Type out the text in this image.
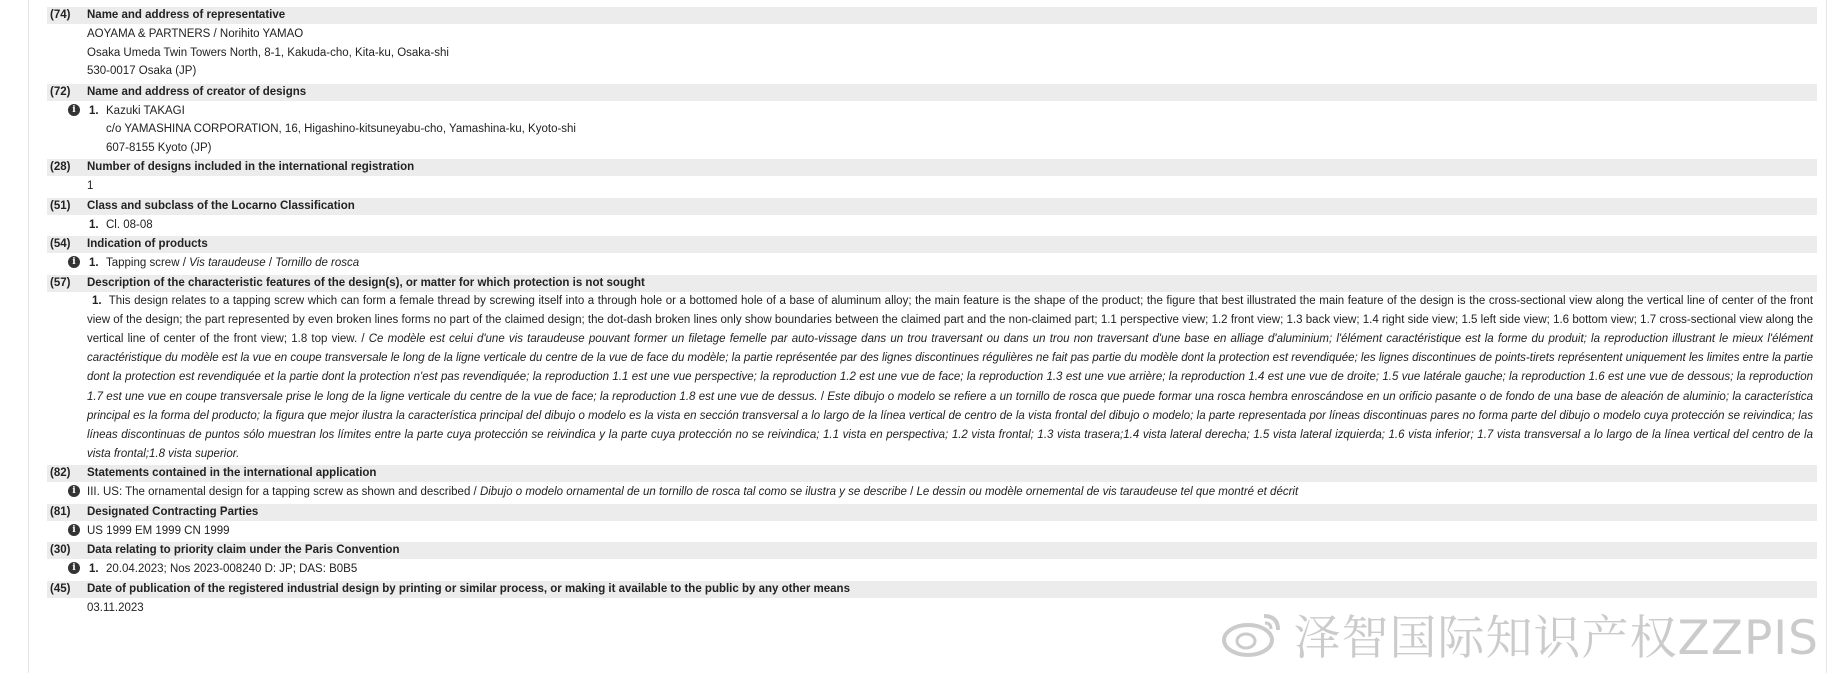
(74) Name and address of representative
AOYAMA & PARTNERS / Norihito YAMAO
Osaka Umeda Twin Towers North, 8-1, Kakuda-cho, Kita-ku, Osaka-shi
530-0017 Osaka (JP)
(72) Name and address of creator of designs
i	1. Kazuki TAKAGI
c/o YAMASHINA CORPORATION, 16, Higashino-kitsuneyabu-cho, Yamashina-ku, Kyoto-shi
607-8155 Kyoto (JP)
(28) Number of designs included in the international registration
1
(51) Class and subclass of the Locarno Classification
1. Cl. 08-08
(54) Indication of products
i	1. Tapping screw / Vis taraudeuse / Tornillo de rosca
(57) Description of the characteristic features of the design(s), or matter for which protection is not sought
1. This design relates to a tapping screw which can form a female thread by screwing itself into a through hole or a bottomed hole of a base of aluminum alloy; the main feature is the shape of the product; the figure that best illustrated the main feature of the design is the cross-sectional view along the vertical line of center of the front view of the design; the part represented by even broken lines forms no part of the claimed design; the dot-dash broken lines only show boundaries between the claimed part and the non-claimed part; 1.1 perspective view; 1.2 front view; 1.3 back view; 1.4 right side view; 1.5 left side view; 1.6 bottom view; 1.7 cross-sectional view along the vertical line of center of the front view; 1.8 top view. / Ce modèle est celui d'une vis taraudeuse pouvant former un filetage femelle par auto-vissage dans un trou traversant ou dans un trou non traversant d'une base en alliage d'aluminium; l'élément caractéristique est la forme du produit; la reproduction illustrant le mieux l'élément caractéristique du modèle est la vue en coupe transversale le long de la ligne verticale du centre de la vue de face du modèle; la partie représentée par des lignes discontinues régulières ne fait pas partie du modèle dont la protection est revendiquée; les lignes discontinues de points-tirets représentent uniquement les limites entre la partie dont la protection est revendiquée et la partie dont la protection n'est pas revendiquée; la reproduction 1.1 est une vue perspective; la reproduction 1.2 est une vue de face; la reproduction 1.3 est une vue arrière; la reproduction 1.4 est une vue de droite; 1.5 vue latérale gauche; la reproduction 1.6 est une vue de dessous; la reproduction 1.7 est une vue en coupe transversale prise le long de la ligne verticale du centre de la vue de face; la reproduction 1.8 est une vue de dessus. / Este dibujo o modelo se refiere a un tornillo de rosca que puede formar una rosca hembra enroscándose en un orificio pasante o de fondo de una base de aleación de aluminio; la característica principal es la forma del producto; la figura que mejor ilustra la característica principal del dibujo o modelo es la vista en sección transversal a lo largo de la línea vertical de centro de la vista frontal del dibujo o modelo; la parte representada por líneas discontinuas pares no forma parte del dibujo o modelo cuya protección se reivindica; las líneas discontinuas de puntos sólo muestran los límites entre la parte cuya protección se reivindica y la parte cuya protección no se reivindica; 1.1 vista en perspectiva; 1.2 vista frontal; 1.3 vista trasera;1.4 vista lateral derecha; 1.5 vista lateral izquierda; 1.6 vista inferior; 1.7 vista transversal a lo largo de la línea vertical del centro de la vista frontal;1.8 vista superior.
(82) Statements contained in the international application
i III. US: The ornamental design for a tapping screw as shown and described / Dibujo o modelo ornamental de un tornillo de rosca tal como se ilustra y se describe / Le dessin ou modèle ornemental de vis taraudeuse tel que montré et décrit
(81) Designated Contracting Parties
i US 1999 EM 1999 CN 1999
(30) Data relating to priority claim under the Paris Convention
i	1. 20.04.2023; Nos 2023-008240 D: JP; DAS: B0B5
(45) Date of publication of the registered industrial design by printing or similar process, or making it available to the public by any other means
03.11.2023
泽智国际知识产权ZZPIS
